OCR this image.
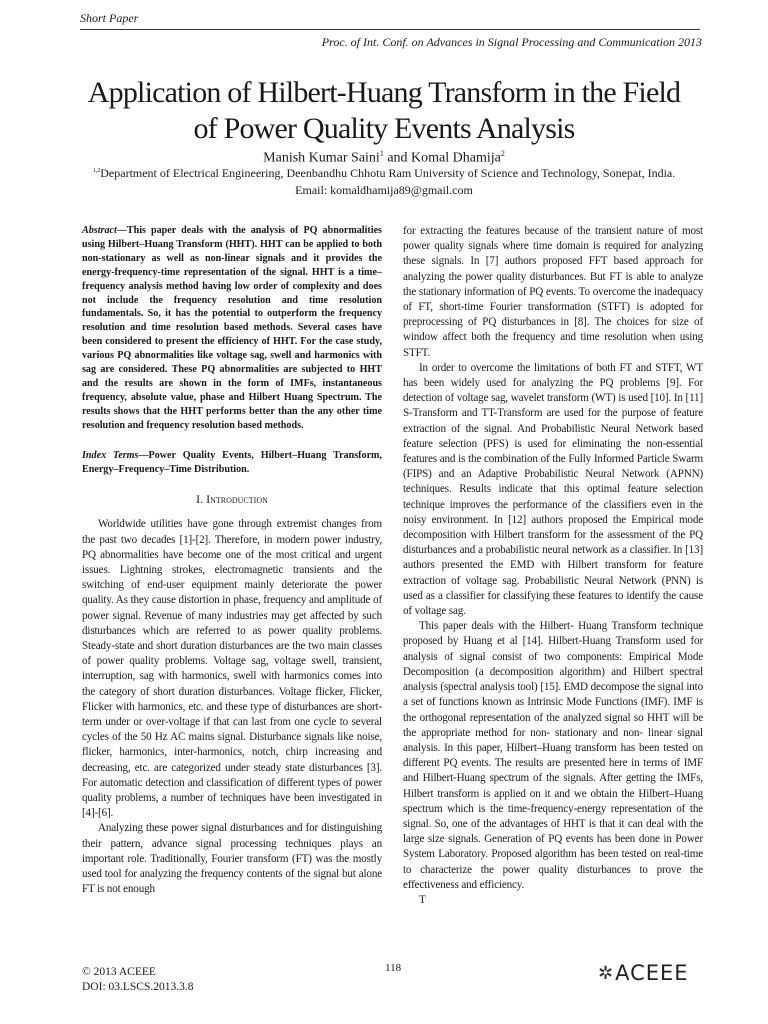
Short Paper
Proc. of Int. Conf. on Advances in Signal Processing and Communication 2013
Application of Hilbert-Huang Transform in the Field
of Power Quality Events Analysis
Manish Kumar Saini$^1$ and Komal Dhamija$^2$
$^{1,2}$Department of Electrical Engineering, Deenbandhu Chhotu Ram University of Science and Technology, Sonepat, India.
Email: komaldhamija89@gmail.com

Abstract—This paper deals with the analysis of PQ abnormalities using Hilbert–Huang Transform (HHT). HHT can be applied to both non-stationary as well as non-linear signals and it provides the energy-frequency-time representation of the signal. HHT is a time–frequency analysis method having low order of complexity and does not include the frequency resolution and time resolution fundamentals. So, it has the potential to outperform the frequency resolution and time resolution based methods. Several cases have been considered to present the efficiency of HHT. For the case study, various PQ abnormalities like voltage sag, swell and harmonics with sag are considered. These PQ abnormalities are subjected to HHT and the results are shown in the form of IMFs, instantaneous frequency, absolute value, phase and Hilbert Huang Spectrum. The results shows that the HHT performs better than the any other time resolution and frequency resolution based methods.

Index Terms—Power Quality Events, Hilbert–Huang Transform, Energy–Frequency–Time Distribution.

I. Introduction

Worldwide utilities have gone through extremist changes from the past two decades [1]-[2]. Therefore, in modern power industry, PQ abnormalities have become one of the most critical and urgent issues. Lightning strokes, electromagnetic transients and the switching of end-user equipment mainly deteriorate the power quality. As they cause distortion in phase, frequency and amplitude of power signal. Revenue of many industries may get affected by such disturbances which are referred to as power quality problems. Steady-state and short duration disturbances are the two main classes of power quality problems. Voltage sag, voltage swell, transient, interruption, sag with harmonics, swell with harmonics comes into the category of short duration disturbances. Voltage flicker, Flicker, Flicker with harmonics, etc. and these type of disturbances are short-term under or over-voltage if that can last from one cycle to several cycles of the 50 Hz AC mains signal. Disturbance signals like noise, flicker, harmonics, inter-harmonics, notch, chirp increasing and decreasing, etc. are categorized under steady state disturbances [3]. For automatic detection and classification of different types of power quality problems, a number of techniques have been investigated in [4]-[6].

Analyzing these power signal disturbances and for distinguishing their pattern, advance signal processing techniques plays an important role. Traditionally, Fourier transform (FT) was the mostly used tool for analyzing the frequency contents of the signal but alone FT is not enough

for extracting the features because of the transient nature of most power quality signals where time domain is required for analyzing these signals. In [7] authors proposed FFT based approach for analyzing the power quality disturbances. But FT is able to analyze the stationary information of PQ events. To overcome the inadequacy of FT, short-time Fourier transformation (STFT) is adopted for preprocessing of PQ disturbances in [8]. The choices for size of window affect both the frequency and time resolution when using STFT.

In order to overcome the limitations of both FT and STFT, WT has been widely used for analyzing the PQ problems [9]. For detection of voltage sag, wavelet transform (WT) is used [10]. In [11] S-Transform and TT-Transform are used for the purpose of feature extraction of the signal. And Probabilistic Neural Network based feature selection (PFS) is used for eliminating the non-essential features and is the combination of the Fully Informed Particle Swarm (FIPS) and an Adaptive Probabilistic Neural Network (APNN) techniques. Results indicate that this optimal feature selection technique improves the performance of the classifiers even in the noisy environment. In [12] authors proposed the Empirical mode decomposition with Hilbert transform for the assessment of the PQ disturbances and a probabilistic neural network as a classifier. In [13] authors presented the EMD with Hilbert transform for feature extraction of voltage sag. Probabilistic Neural Network (PNN) is used as a classifier for classifying these features to identify the cause of voltage sag.

This paper deals with the Hilbert- Huang Transform technique proposed by Huang et al [14]. Hilbert-Huang Transform used for analysis of signal consist of two components: Empirical Mode Decomposition (a decomposition algorithm) and Hilbert spectral analysis (spectral analysis tool) [15]. EMD decompose the signal into a set of functions known as Intrinsic Mode Functions (IMF). IMF is the orthogonal representation of the analyzed signal so HHT will be the appropriate method for non- stationary and non- linear signal analysis. In this paper, Hilbert–Huang transform has been tested on different PQ events. The results are presented here in terms of IMF and Hilbert-Huang spectrum of the signals. After getting the IMFs, Hilbert transform is applied on it and we obtain the Hilbert–Huang spectrum which is the time-frequency-energy representation of the signal. So, one of the advantages of HHT is that it can deal with the large size signals. Generation of PQ events has been done in Power System Laboratory. Proposed algorithm has been tested on real-time to characterize the power quality disturbances to prove the effectiveness and efficiency.

T

© 2013 ACEEE
DOI: 03.LSCS.2013.3.8
118	✲ ACEEE
